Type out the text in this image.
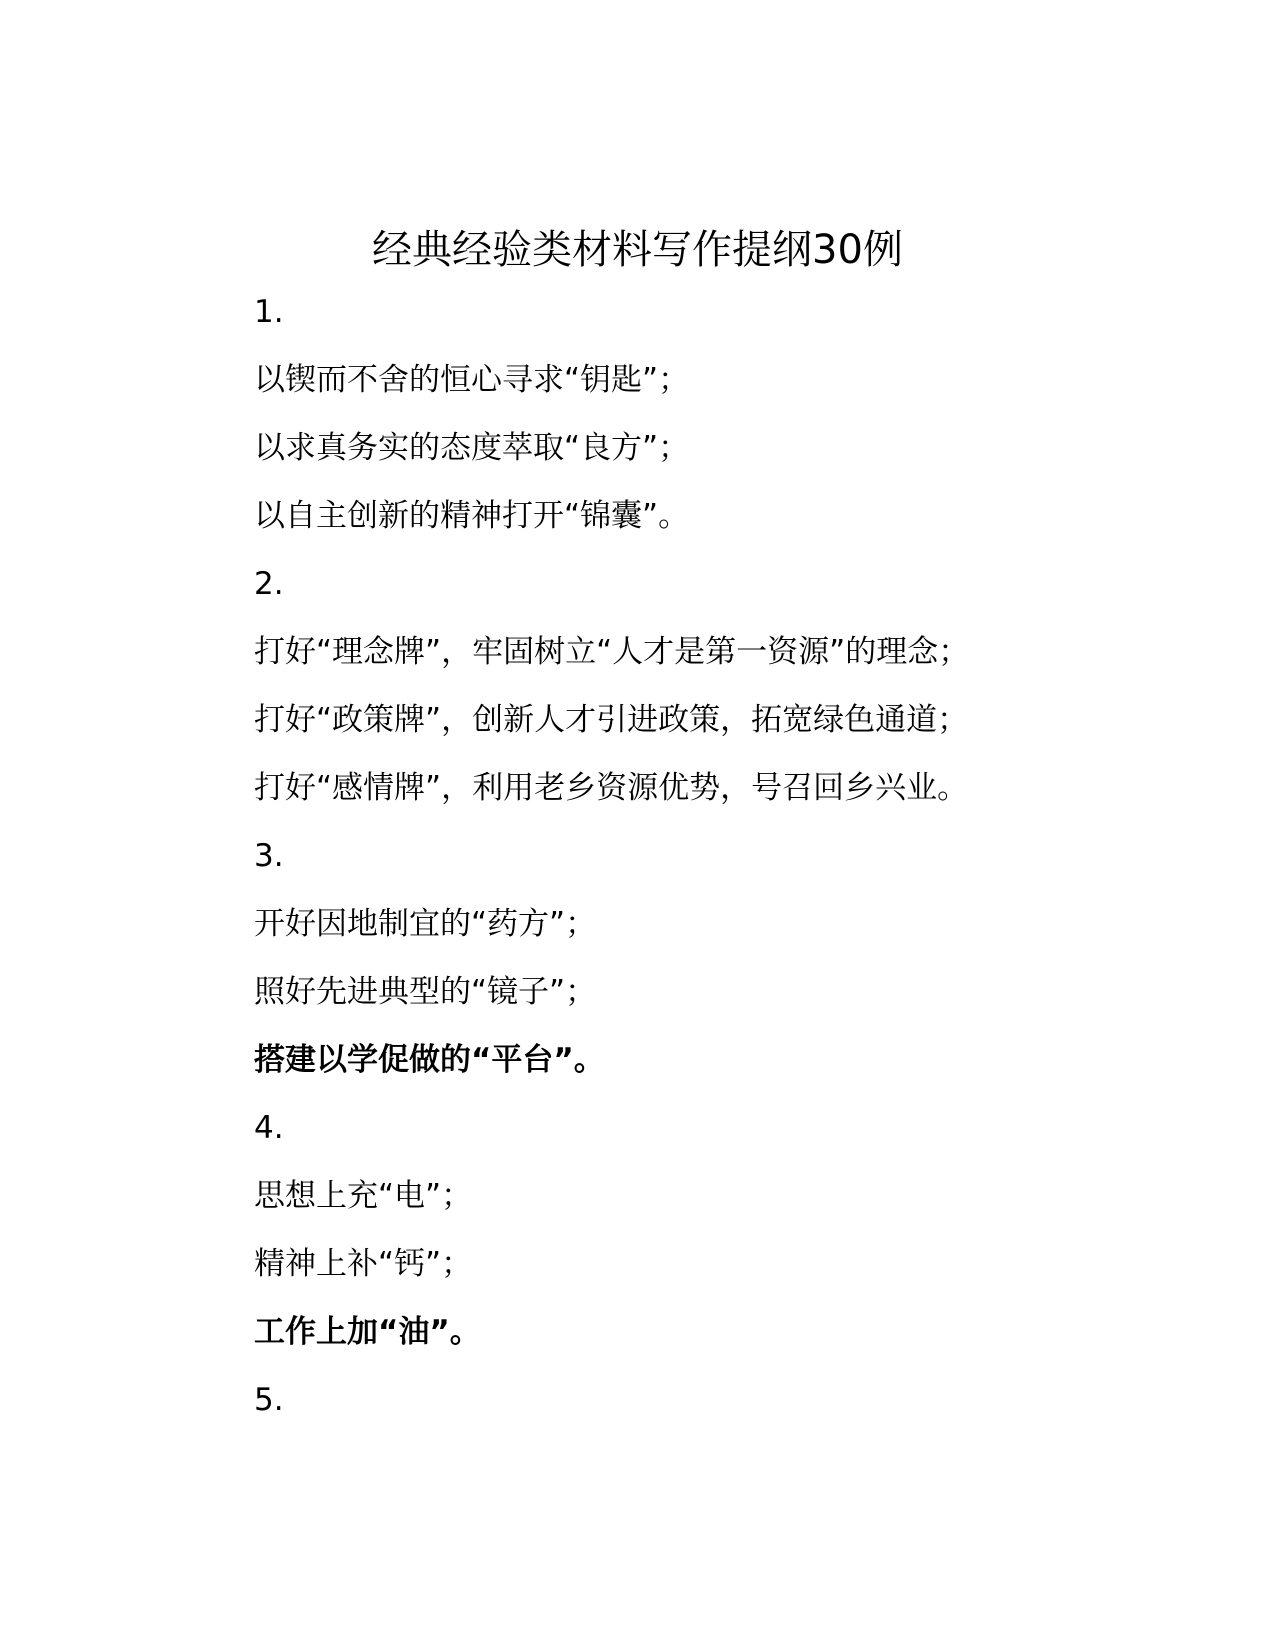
经典经验类材料写作提纲30例
1.
以锲而不舍的恒心寻求“钥匙”；
以求真务实的态度萃取“良方”；
以自主创新的精神打开“锦囊”。
2.
打好“理念牌”，牢固树立“人才是第一资源”的理念；
打好“政策牌”，创新人才引进政策，拓宽绿色通道；
打好“感情牌”，利用老乡资源优势，号召回乡兴业。
3.
开好因地制宜的“药方”；
照好先进典型的“镜子”；
搭建以学促做的“平台”。
4.
思想上充“电”；
精神上补“钙”；
工作上加“油”。
5.
